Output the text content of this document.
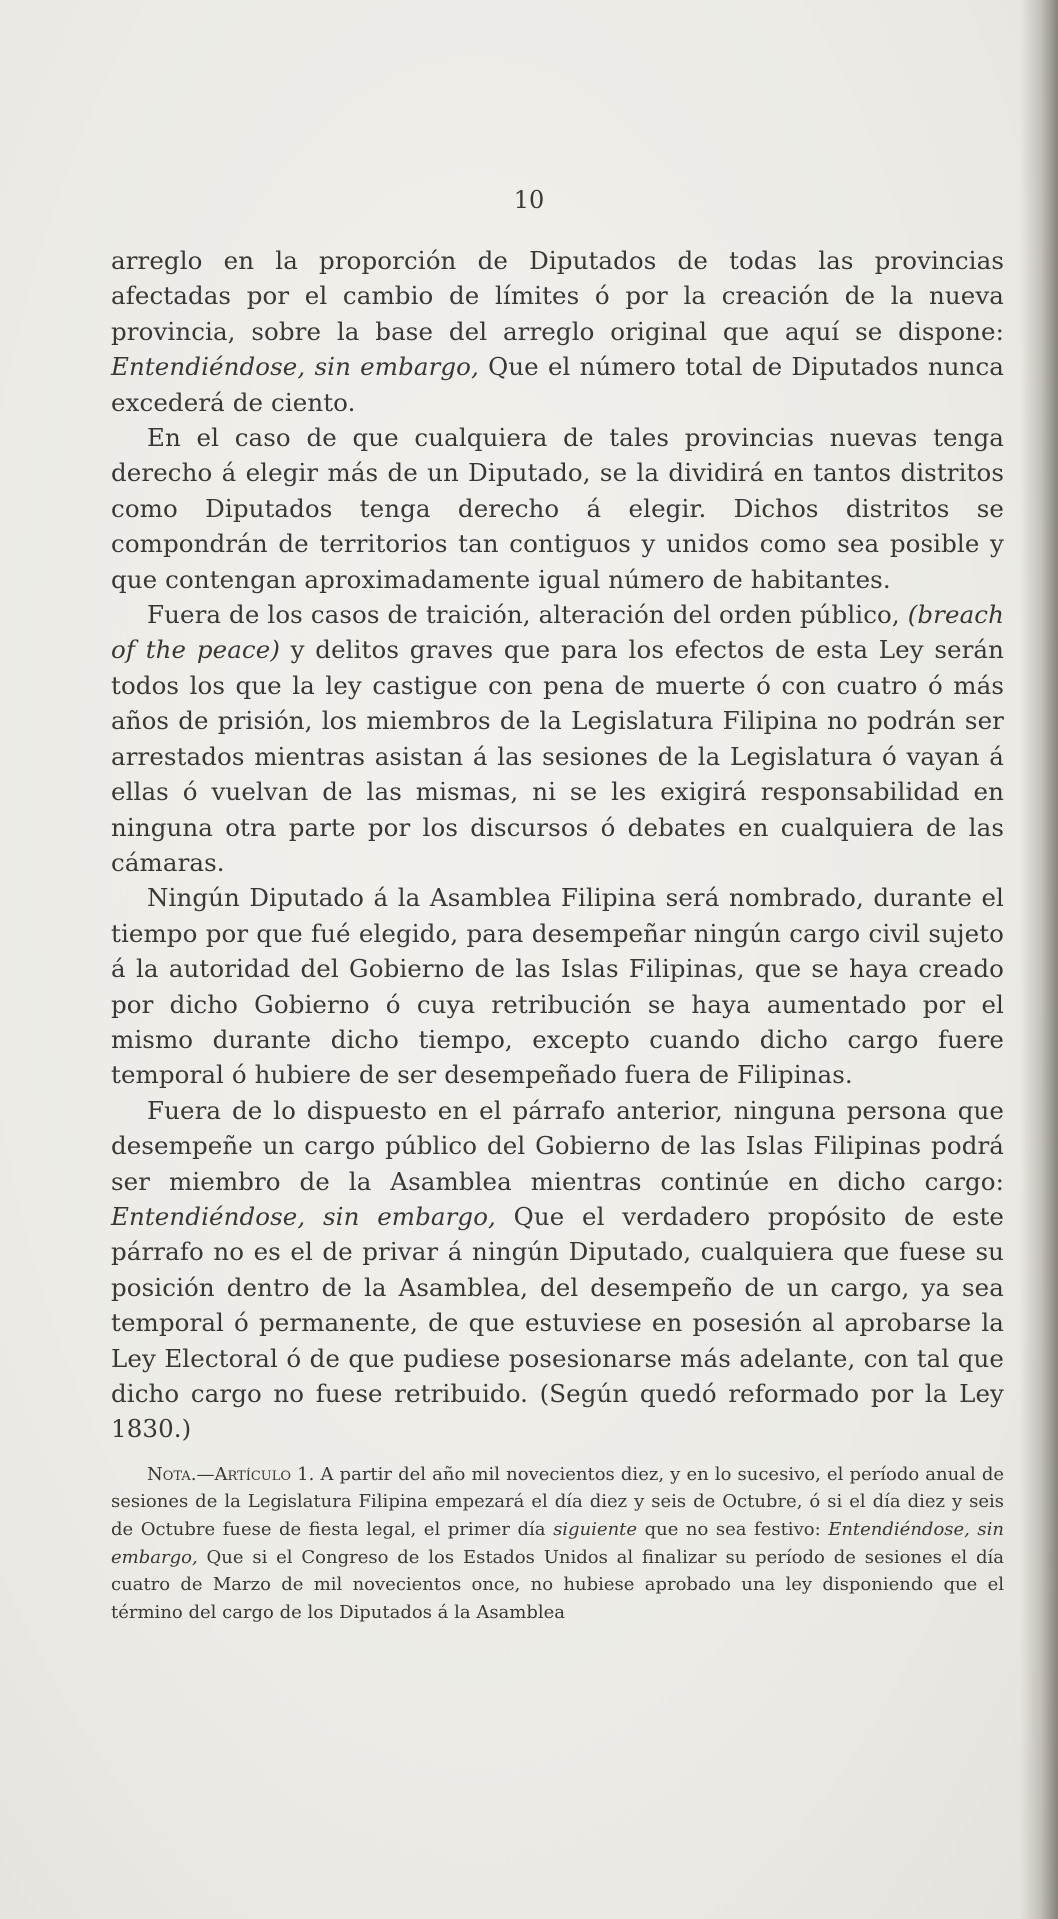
10

arreglo en la proporción de Diputados de todas las provincias afectadas por el cambio de límites ó por la creación de la nueva provincia, sobre la base del arreglo original que aquí se dispone: Entendiéndose, sin embargo, Que el número total de Diputados nunca excederá de ciento.

En el caso de que cualquiera de tales provincias nuevas tenga derecho á elegir más de un Diputado, se la dividirá en tantos distritos como Diputados tenga derecho á elegir. Dichos distritos se compondrán de territorios tan contiguos y unidos como sea posible y que contengan aproximadamente igual número de habitantes.

Fuera de los casos de traición, alteración del orden público, (breach of the peace) y delitos graves que para los efectos de esta Ley serán todos los que la ley castigue con pena de muerte ó con cuatro ó más años de prisión, los miembros de la Legislatura Filipina no podrán ser arrestados mientras asistan á las sesiones de la Legislatura ó vayan á ellas ó vuelvan de las mismas, ni se les exigirá responsabilidad en ninguna otra parte por los discursos ó debates en cualquiera de las cámaras.

Ningún Diputado á la Asamblea Filipina será nombrado, durante el tiempo por que fué elegido, para desempeñar ningún cargo civil sujeto á la autoridad del Gobierno de las Islas Filipinas, que se haya creado por dicho Gobierno ó cuya retribución se haya aumentado por el mismo durante dicho tiempo, excepto cuando dicho cargo fuere temporal ó hubiere de ser desempeñado fuera de Filipinas.

Fuera de lo dispuesto en el párrafo anterior, ninguna persona que desempeñe un cargo público del Gobierno de las Islas Filipinas podrá ser miembro de la Asamblea mientras continúe en dicho cargo: Entendiéndose, sin embargo, Que el verdadero propósito de este párrafo no es el de privar á ningún Diputado, cualquiera que fuese su posición dentro de la Asamblea, del desempeño de un cargo, ya sea temporal ó permanente, de que estuviese en posesión al aprobarse la Ley Electoral ó de que pudiese posesionarse más adelante, con tal que dicho cargo no fuese retribuido. (Según quedó reformado por la Ley 1830.)

Nota.—Artículo 1. A partir del año mil novecientos diez, y en lo sucesivo, el período anual de sesiones de la Legislatura Filipina empezará el día diez y seis de Octubre, ó si el día diez y seis de Octubre fuese de fiesta legal, el primer día siguiente que no sea festivo: Entendiéndose, sin embargo, Que si el Congreso de los Estados Unidos al finalizar su período de sesiones el día cuatro de Marzo de mil novecientos once, no hubiese aprobado una ley disponiendo que el término del cargo de los Diputados á la Asamblea
